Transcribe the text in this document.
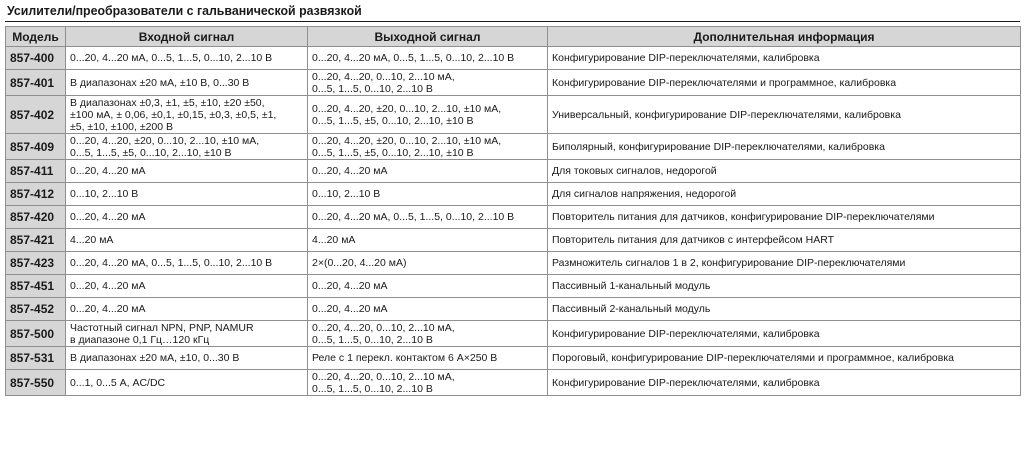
Усилители/преобразователи с гальванической развязкой
Модель	Входной сигнал	Выходной сигнал	Дополнительная информация
857-400	0...20, 4...20 мА, 0...5, 1...5, 0...10, 2...10 В	0...20, 4...20 мА, 0...5, 1...5, 0...10, 2...10 В	Конфигурирование DIP-переключателями, калибровка
857-401	В диапазонах ±20 мА, ±10 В, 0...30 В	0...20, 4...20, 0...10, 2...10 мА,
0...5, 1...5, 0...10, 2...10 В	Конфигурирование DIP-переключателями и программное, калибровка
857-402	В диапазонах ±0,3, ±1, ±5, ±10, ±20 ±50,
±100 мА, ± 0,06, ±0,1, ±0,15, ±0,3, ±0,5, ±1,
±5, ±10, ±100, ±200 В	0...20, 4...20, ±20, 0...10, 2...10, ±10 мА,
0...5, 1...5, ±5, 0...10, 2...10, ±10 В	Универсальный, конфигурирование DIP-переключателями, калибровка
857-409	0...20, 4...20, ±20, 0...10, 2...10, ±10 мА,
0...5, 1...5, ±5, 0...10, 2...10, ±10 В	0...20, 4...20, ±20, 0...10, 2...10, ±10 мА,
0...5, 1...5, ±5, 0...10, 2...10, ±10 В	Биполярный, конфигурирование DIP-переключателями, калибровка
857-411	0...20, 4...20 мА	0...20, 4...20 мА	Для токовых сигналов, недорогой
857-412	0...10, 2...10 В	0...10, 2...10 В	Для сигналов напряжения, недорогой
857-420	0...20, 4...20 мА	0...20, 4...20 мА, 0...5, 1...5, 0...10, 2...10 В	Повторитель питания для датчиков, конфигурирование DIP-переключателями
857-421	4...20 мА	4...20 мА	Повторитель питания для датчиков с интерфейсом HART
857-423	0...20, 4...20 мА, 0...5, 1...5, 0...10, 2...10 В	2×(0...20, 4...20 мА)	Размножитель сигналов 1 в 2, конфигурирование DIP-переключателями
857-451	0...20, 4...20 мА	0...20, 4...20 мА	Пассивный 1-канальный модуль
857-452	0...20, 4...20 мА	0...20, 4...20 мА	Пассивный 2-канальный модуль
857-500	Частотный сигнал NPN, PNP, NAMUR
в диапазоне 0,1 Гц…120 кГц	0...20, 4...20, 0...10, 2...10 мА,
0...5, 1...5, 0...10, 2...10 В	Конфигурирование DIP-переключателями, калибровка
857-531	В диапазонах ±20 мА, ±10, 0...30 В	Реле с 1 перекл. контактом 6 А×250 В	Пороговый, конфигурирование DIP-переключателями и программное, калибровка
857-550	0...1, 0...5 А, AC/DC	0...20, 4...20, 0...10, 2...10 мА,
0...5, 1...5, 0...10, 2...10 В	Конфигурирование DIP-переключателями, калибровка
